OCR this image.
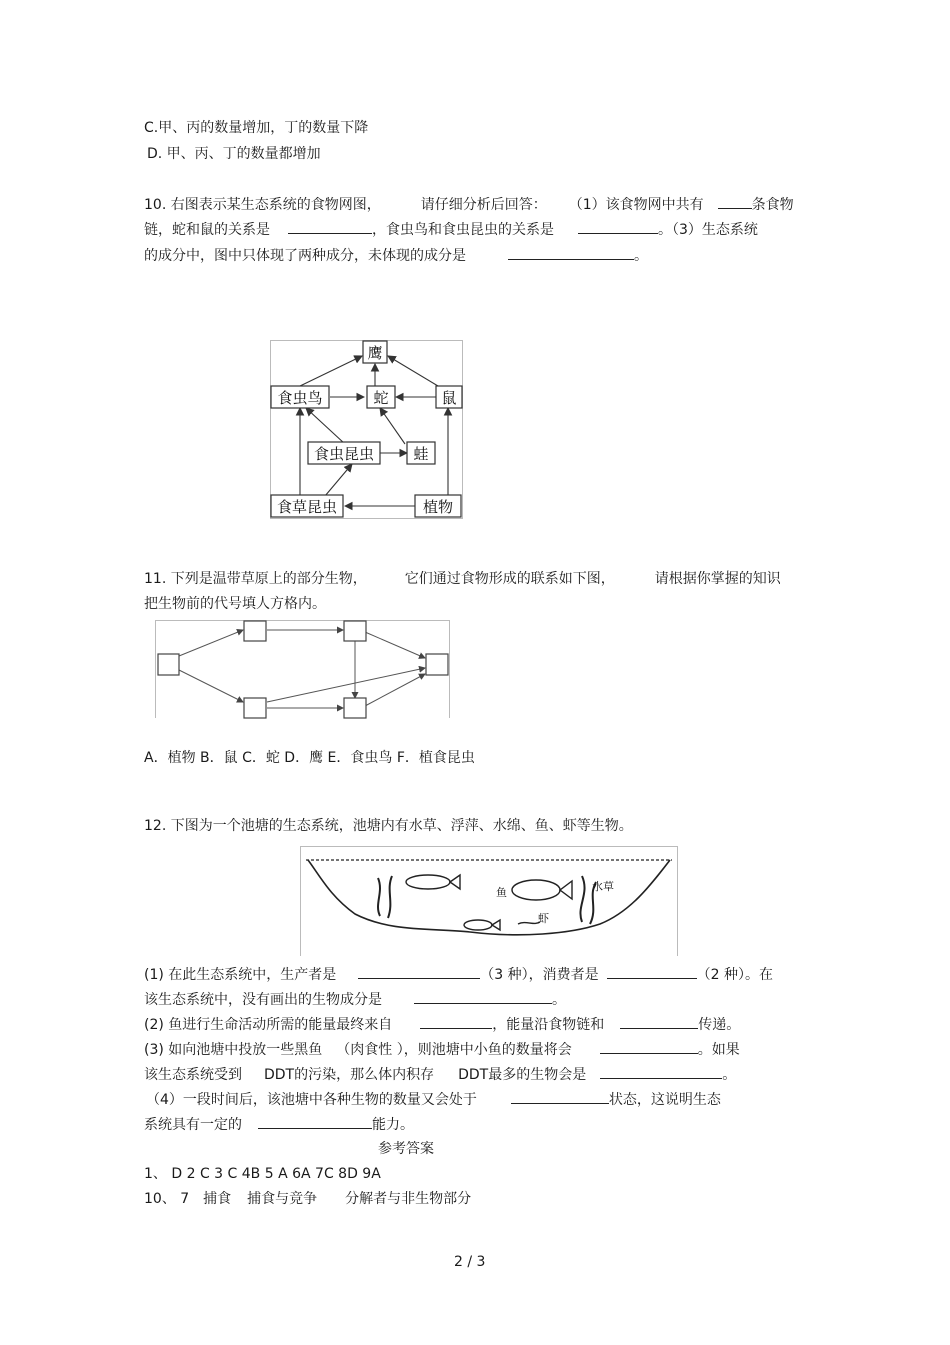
C.甲、丙的数量增加，丁的数量下降
D. 甲、丙、丁的数量都增加
10. 右图表示某生态系统的食物网图，	请仔细分析后回答： （1）该食物网中共有	条食物
链，蛇和鼠的关系是	，食虫鸟和食虫昆虫的关系是	。（3）生态系统
的成分中，图中只体现了两种成分，未体现的成分是	。
鹰
食虫鸟	蛇	鼠
食虫昆虫	蛙
食草昆虫	植物
11. 下列是温带草原上的部分生物，	它们通过食物形成的联系如下图，	请根据你掌握的知识
把生物前的代号填人方格内。
A．植物 B．鼠 C．蛇 D．鹰 E．食虫鸟 F．植食昆虫
12. 下图为一个池塘的生态系统，池塘内有水草、浮萍、水绵、鱼、虾等生物。
鱼	水草
虾
(1) 在此生态系统中，生产者是	（3 种），消费者是	（2 种）。在
该生态系统中，没有画出的生物成分是	。
(2) 鱼进行生命活动所需的能量最终来自	，能量沿食物链和	传递。
(3) 如向池塘中投放一些黑鱼 （肉食性 ），则池塘中小鱼的数量将会	。如果
该生态系统受到 DDT的污染，那么体内积存 DDT最多的生物会是	。
（4）一段时间后，该池塘中各种生物的数量又会处于	状态，这说明生态
系统具有一定的	能力。
参考答案
1、 D 2 C 3 C 4B 5 A 6A 7C 8D 9A
10、 7 捕食 捕食与竞争 分解者与非生物部分
2 / 3
